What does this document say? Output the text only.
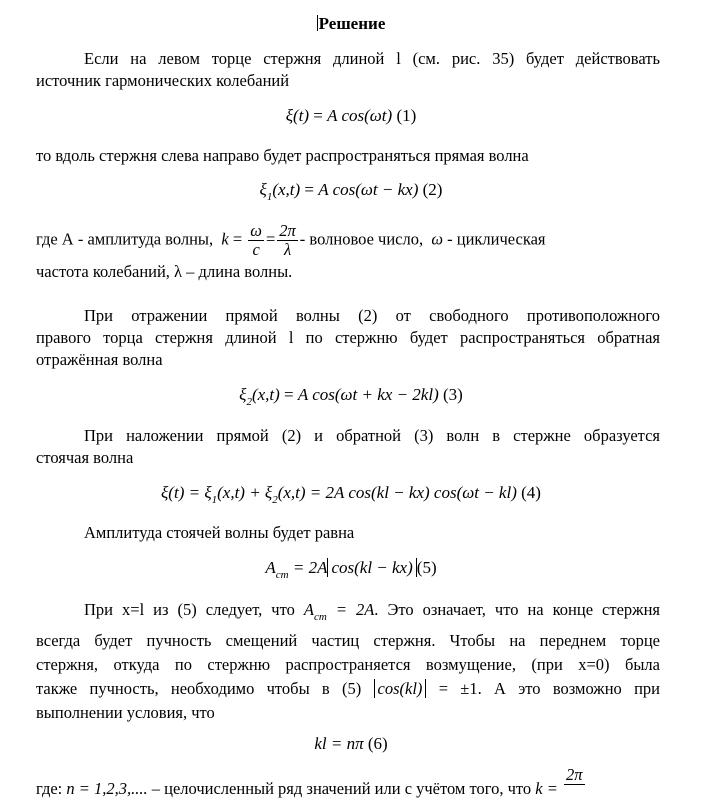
Решение
Если на левом торце стержня длиной l (см. рис. 35) будет действовать
источник гармонических колебаний
ξ(t) = A cos(ωt) (1)
то вдоль стержня слева направо будет распространяться прямая волна
$\xi_1(x,t) = A$ cos(ωt − kx) (2)
где А - амплитуда волны, $k = \frac{\omega}{c} = \frac{2\pi}{\lambda}$ - волновое число, ω - циклическая
частота колебаний, λ – длина волны.
При отражении прямой волны (2) от свободного противоположного
правого торца стержня длиной l по стержню будет распространяться обратная
отражённая волна
$\xi_2(x,t) = A$ cos(ωt + kx − 2kl) (3)
При наложении прямой (2) и обратной (3) волн в стержне образуется
стоячая волна
$\xi(t) = \xi_1(x,t) + \xi_2(x,t) = 2A$ cos(kl − kx) cos(ωt − kl) (4)
Амплитуда стоячей волны будет равна
$A_{ст} = 2A$ cos(kl − kx) (5)
При x=l из (5) следует, что $A_{ст} = 2A$. Это означает, что на конце стержня
всегда будет пучность смещений частиц стержня. Чтобы на переднем торце
стержня, откуда по стержню распространяется возмущение, (при x=0) была
также пучность, необходимо чтобы в (5) cos(kl) = ±1. А это возможно при
выполнении условия, что
kl = nπ (6)
где: n = 1,2,3,.... – целочисленный ряд значений или с учётом того, что k =
2π
